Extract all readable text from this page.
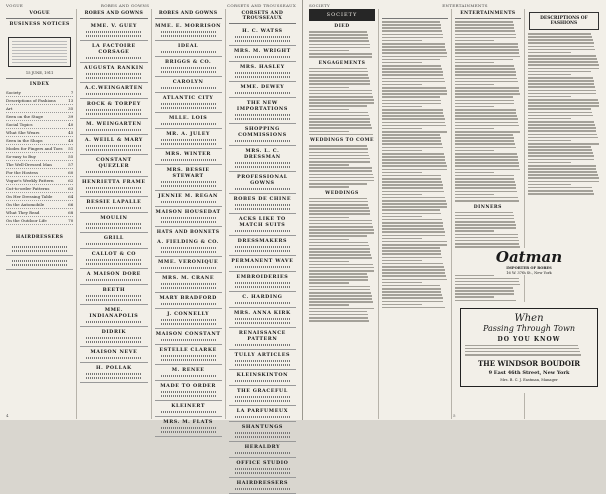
VOGUE	ROBES AND GOWNS	CORSETS AND TROUSSEAUX
VOGUE
BUSINESS NOTICES

15 JUNE, 1911
INDEX
Society	7
Descriptions of Fashions	13
Art	35
Seen on the Stage	39
Social Topics	40
What She Wears	45
Seen in the Shops	48
Modes for Fingers and Toes 51
So-easy to Buy	55
The Well-Dressed Man	57
For the Hostess	60
Vogue's Weekly Pattern	62
Cut-to-order Patterns	63
On Her Dressing Table	64
On the Automobile	66
What They Read	68
On the Outdoor Life	70
HAIRDRESSERS
ROBES AND GOWNS
MME. V. GUEY
LA FACTOIRE CORSAGE
AUGUSTA RANKIN
A.C.WEINGARTEN
ROCK & TORPEY
M. WEINGARTEN
A. WEILL & MARY
CONSTANT QUEZLER
HENRIETTA FRAME
BESSIE LAPALLE
MOULIN
GRILL
CALLOT & CO
A MAISON DORE
BEETH
MME. INDIANAPOLIS
DIDRIK
MAISON NEVE
H. POLLAK
ROBES AND GOWNS
MME. E. MORRISON
IDEAL
BRIGGS & CO.
CAROLYN
ATLANTIC CITY
MLLE. LOIS
MR. A. JULEY
MRS. WINTER
MRS. BESSIE STEWART
JENNIE M. REGAN
MAISON HOUSEDAT
HATS AND BONNETS
A. FIELDING & CO.
MME. VERONIQUE
MRS. M. CRANE
MARY BRADFORD
J. CONNELLY
MAISON CONSTANT
ESTELLE CLARKE
M. RENEE
MADE TO ORDER
KLEINERT
MRS. M. FLATS
CORSETS AND TROUSSEAUX
H. C. WATSS
MRS. M. WRIGHT
MRS. HASLEY
MME. DEWEY
THE NEW IMPORTATIONS
SHOPPING COMMISSIONS
MRS. L. C. DRESSMAN
PROFESSIONAL GOWNS
ROBES DE CHINE
ACKS LIKE TO MATCH SUITS
DRESSMAKERS
PERMANENT WAVE
EMBROIDERIES
C. HARDING
MRS. ANNA KIRK
RENAISSANCE PATTERN
TULLY ARTICLES
KLEINSKINTON
THE GRACEFUL
LA PARFUMEUX
SHANTUNGS
HERALDRY
OFFICE STUDIO
HAIRDRESSERS
4
SOCIETY	ENTERTAINMENTS
SOCIETY
DIED
ENGAGEMENTS
WEDDINGS TO COME
WEDDINGS
ENTERTAINMENTS
DINNERS
DESCRIPTIONS OF FASHIONS
Oatman
IMPORTER OF ROBES
16 W. 37th St., New York
When
Passing Through Town
DO YOU KNOW
THE WINDSOR BOUDOIR
9 East 46th Street, New York
Mrs. B. C. J. Eastman, Manager
5
